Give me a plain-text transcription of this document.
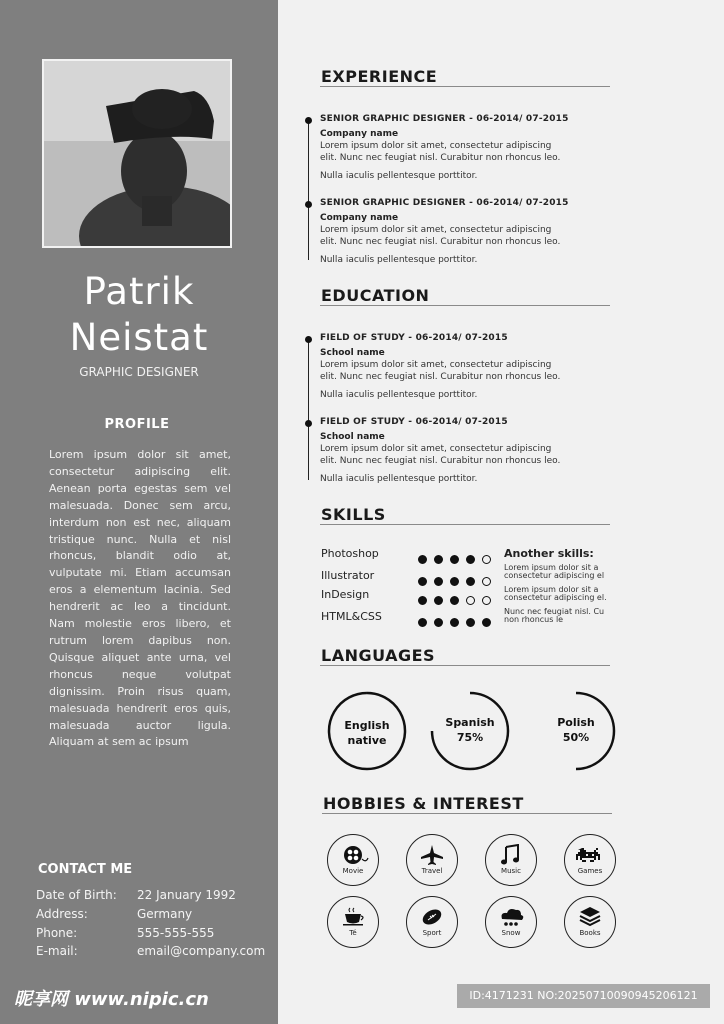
Patrik
Neistat
GRAPHIC DESIGNER
PROFILE

Lorem ipsum dolor sit amet, consectetur adipiscing elit. Aenean porta egestas sem vel malesuada. Donec sem arcu, interdum non est nec, aliquam tristique nunc. Nulla et nisl rhoncus, blandit odio at, vulputate mi. Etiam accumsan eros a elementum lacinia. Sed hendrerit ac leo a tincidunt. Nam molestie eros libero, et rutrum lorem dapibus non. Quisque aliquet ante urna, vel rhoncus neque volutpat dignissim. Proin risus quam, malesuada hendrerit eros quis, malesuada auctor ligula. Aliquam at sem ac ipsum

CONTACT ME
Date of Birth: 22 January 1992
Address:	Germany
Phone:	555-555-555
E-mail:	email@company.com
昵享网 www.nipic.cn
EXPERIENCE
SENIOR GRAPHIC DESIGNER - 06-2014/ 07-2015
Company name
Lorem ipsum dolor sit amet, consectetur adipiscing
elit. Nunc nec feugiat nisl. Curabitur non rhoncus leo.
Nulla iaculis pellentesque porttitor.
SENIOR GRAPHIC DESIGNER - 06-2014/ 07-2015
Company name
Lorem ipsum dolor sit amet, consectetur adipiscing
elit. Nunc nec feugiat nisl. Curabitur non rhoncus leo.
Nulla iaculis pellentesque porttitor.
EDUCATION
FIELD OF STUDY - 06-2014/ 07-2015
School name
Lorem ipsum dolor sit amet, consectetur adipiscing
elit. Nunc nec feugiat nisl. Curabitur non rhoncus leo.
Nulla iaculis pellentesque porttitor.
FIELD OF STUDY - 06-2014/ 07-2015
School name
Lorem ipsum dolor sit amet, consectetur adipiscing
elit. Nunc nec feugiat nisl. Curabitur non rhoncus leo.
Nulla iaculis pellentesque porttitor.
SKILLS
Photoshop
Illustrator
InDesign
HTML&CSS
Another skills:
Lorem ipsum dolor sit a
consectetur adipiscing el
Lorem ipsum dolor sit a
consectetur adipiscing el.
Nunc nec feugiat nisl. Cu
non rhoncus le
LANGUAGES
English
native
Spanish
75%
Polish
50%
HOBBIES & INTEREST
Movie	Travel	Music	Games
Té	Sport	Snow	Books
ID:4171231 NO:20250710090945206121
